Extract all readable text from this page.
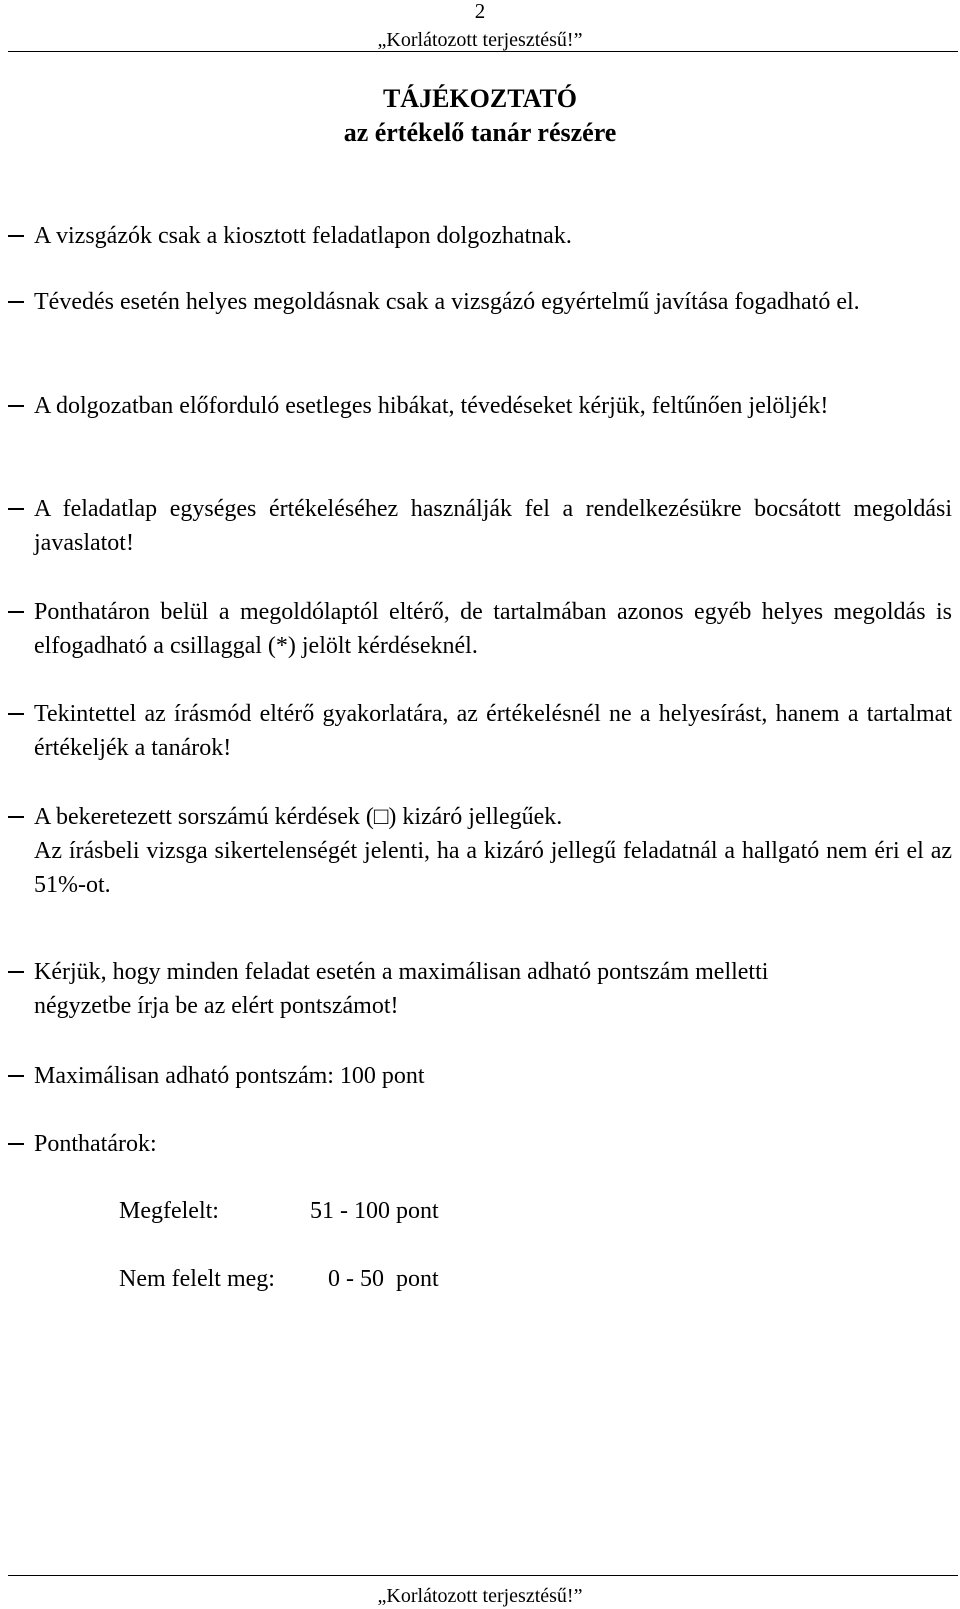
2
„Korlátozott terjesztésű!”
TÁJÉKOZTATÓ
az értékelő tanár részére
A vizsgázók csak a kiosztott feladatlapon dolgozhatnak.
Tévedés esetén helyes megoldásnak csak a vizsgázó egyértelmű javítása fogadható el.
A dolgozatban előforduló esetleges hibákat, tévedéseket kérjük, feltűnően jelöljék!
A feladatlap egységes értékeléséhez használják fel a rendelkezésükre bocsátott megoldási javaslatot!
Ponthatáron belül a megoldólaptól eltérő, de tartalmában azonos egyéb helyes megoldás is elfogadható a csillaggal (*) jelölt kérdéseknél.
Tekintettel az írásmód eltérő gyakorlatára, az értékelésnél ne a helyesírást, hanem a tartalmat értékeljék a tanárok!
A bekeretezett sorszámú kérdések (□) kizáró jellegűek.
Az írásbeli vizsga sikertelenségét jelenti, ha a kizáró jellegű feladatnál a hallgató nem éri el az 51%-ot.
Kérjük, hogy minden feladat esetén a maximálisan adható pontszám melletti négyzetbe írja be az elért pontszámot!
Maximálisan adható pontszám: 100 pont
Ponthatárok:
Megfelelt:	51 - 100 pont
Nem felelt meg: 0 - 50  pont
„Korlátozott terjesztésű!”
